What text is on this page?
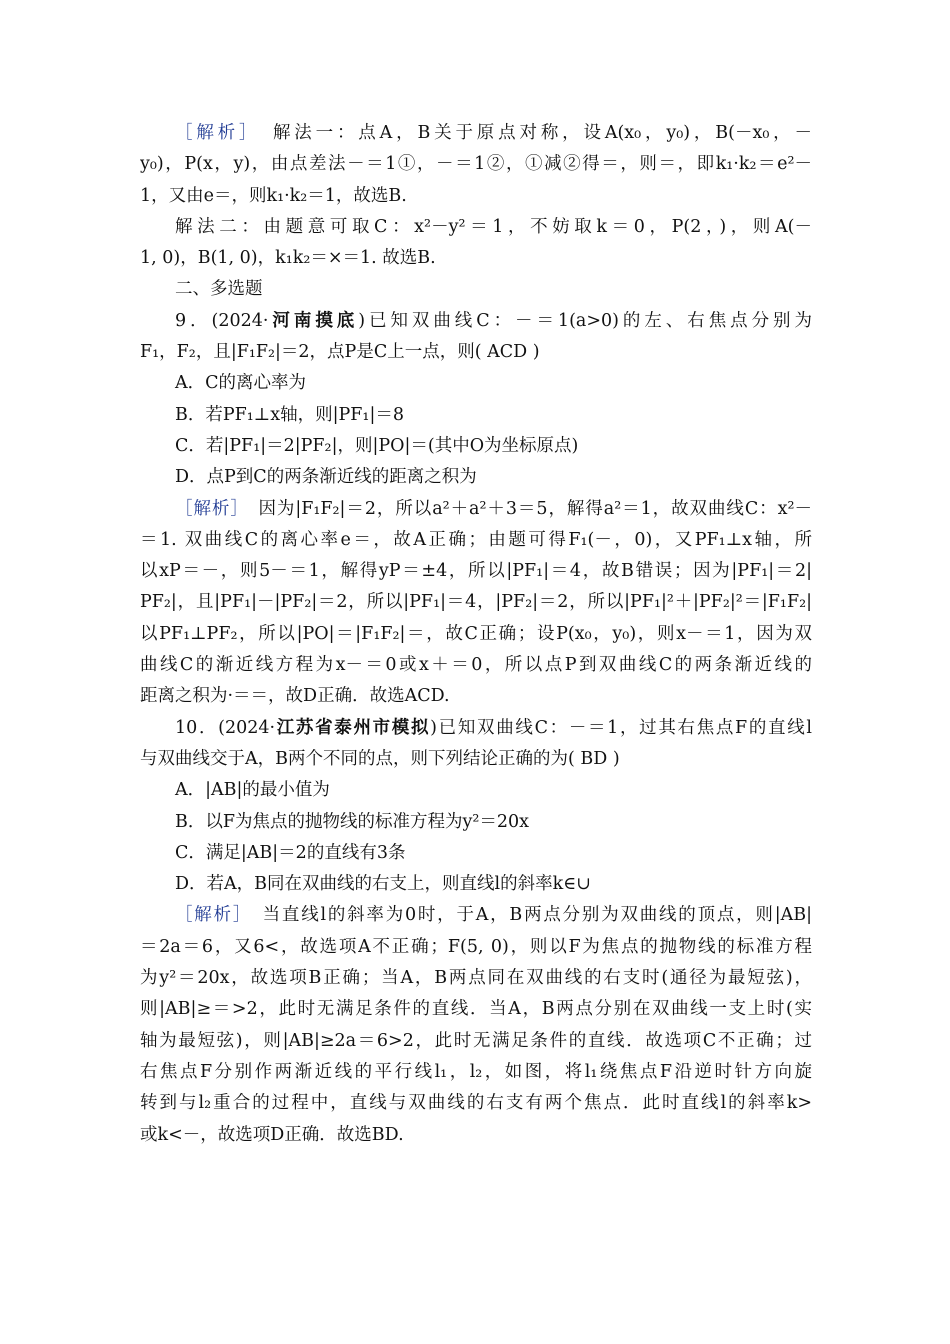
［解析］　解法一：点A，B关于原点对称，设A(x₀，y₀)，B(－x₀，－
y₀)，P(x，y)，由点差法－＝1①，－＝1②，①减②得＝，则＝，即k₁·k₂＝e²－
1，又由e＝，则k₁·k₂＝1，故选B.
解法二：由题意可取C：x²－y²＝1，不妨取k＝0，P(2，)，则A(－
1, 0)，B(1, 0)，k₁k₂＝×＝1. 故选B.
二、多选题
9．(2024·河南摸底)已知双曲线C：－＝1(a>0)的左、右焦点分别为
F₁，F₂，且|F₁F₂|＝2，点P是C上一点，则( ACD )
A．C的离心率为
B．若PF₁⊥x轴，则|PF₁|＝8
C．若|PF₁|＝2|PF₂|，则|PO|＝(其中O为坐标原点)
D．点P到C的两条渐近线的距离之积为
［解析］　因为|F₁F₂|＝2，所以a²＋a²＋3＝5，解得a²＝1，故双曲线C：x²－
＝1. 双曲线C的离心率e＝，故A正确；由题可得F₁(－，0)，又PF₁⊥x轴，所
以xP＝－，则5－＝1，解得yP＝±4，所以|PF₁|＝4，故B错误；因为|PF₁|＝2|
PF₂|，且|PF₁|－|PF₂|＝2，所以|PF₁|＝4，|PF₂|＝2，所以|PF₁|²＋|PF₂|²＝|F₁F₂|
以PF₁⊥PF₂，所以|PO|＝|F₁F₂|＝，故C正确；设P(x₀，y₀)，则x－＝1，因为双
曲线C的渐近线方程为x－＝0或x＋＝0，所以点P到双曲线C的两条渐近线的
距离之积为·＝＝，故D正确．故选ACD.
10．(2024·江苏省泰州市模拟)已知双曲线C：－＝1，过其右焦点F的直线l
与双曲线交于A，B两个不同的点，则下列结论正确的为( BD )
A．|AB|的最小值为
B．以F为焦点的抛物线的标准方程为y²＝20x
C．满足|AB|＝2的直线有3条
D．若A，B同在双曲线的右支上，则直线l的斜率k∈∪
［解析］　当直线l的斜率为0时，于A，B两点分别为双曲线的顶点，则|AB|
＝2a＝6，又6<，故选项A不正确；F(5, 0)，则以F为焦点的抛物线的标准方程
为y²＝20x，故选项B正确；当A，B两点同在双曲线的右支时(通径为最短弦)，
则|AB|≥＝>2，此时无满足条件的直线．当A，B两点分别在双曲线一支上时(实
轴为最短弦)，则|AB|≥2a＝6>2，此时无满足条件的直线．故选项C不正确；过
右焦点F分别作两渐近线的平行线l₁，l₂，如图，将l₁绕焦点F沿逆时针方向旋
转到与l₂重合的过程中，直线与双曲线的右支有两个焦点．此时直线l的斜率k>
或k<－，故选项D正确．故选BD.
